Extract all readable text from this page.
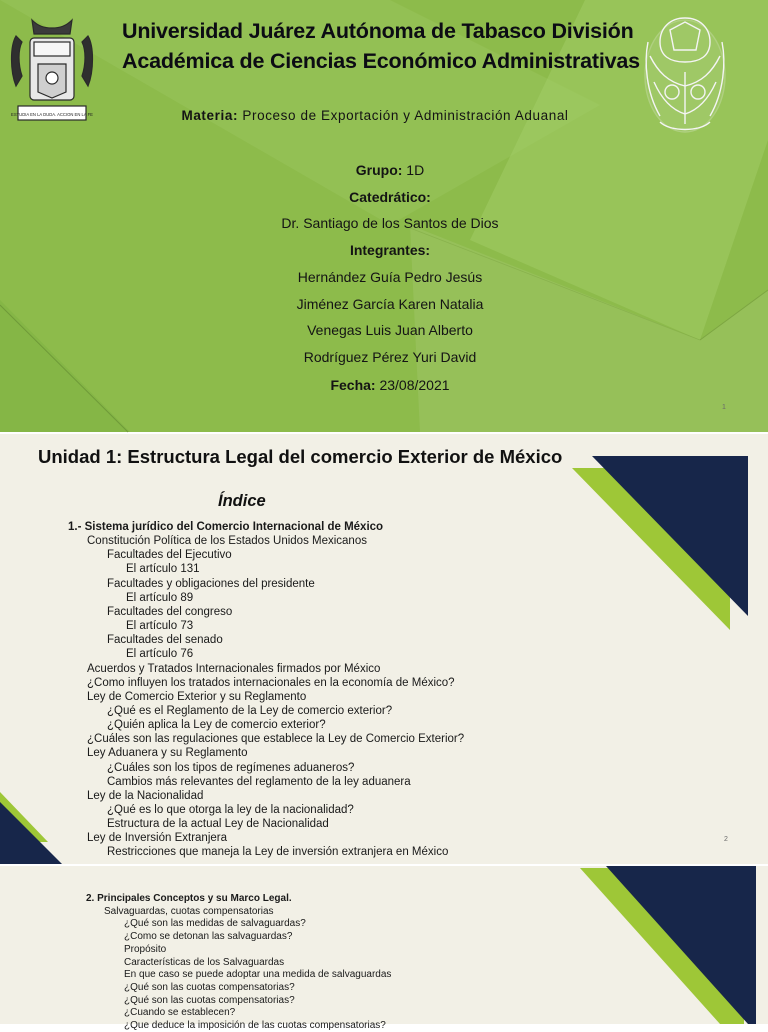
ESTUDIA EN LA DUDA. ACCION EN LA FE
Universidad Juárez Autónoma de Tabasco División Académica de Ciencias Económico Administrativas
Materia: Proceso de Exportación y Administración Aduanal
Grupo: 1D
Catedrático:
Dr. Santiago de los Santos de Dios
Integrantes:
Hernández Guía Pedro Jesús
Jiménez García Karen Natalia
Venegas Luis Juan Alberto
Rodríguez Pérez Yuri David
Fecha: 23/08/2021
1
Unidad 1: Estructura Legal del comercio Exterior de México
Índice
1.- Sistema jurídico del Comercio Internacional de México
Constitución Política de los Estados Unidos Mexicanos
Facultades del Ejecutivo
El artículo 131
Facultades y obligaciones del presidente
El artículo 89
Facultades del congreso
El artículo 73
Facultades del senado
El artículo 76
Acuerdos y Tratados Internacionales firmados por México
¿Como influyen los tratados internacionales en la economía de México?
Ley de Comercio Exterior y su Reglamento
¿Qué es el Reglamento de la Ley de comercio exterior?
¿Quién aplica la Ley de comercio exterior?
¿Cuáles son las regulaciones que establece la Ley de Comercio Exterior?
Ley Aduanera y su Reglamento
¿Cuáles son los tipos de regímenes aduaneros?
Cambios más relevantes del reglamento de la ley aduanera
Ley de la Nacionalidad
¿Qué es lo que otorga la ley de la nacionalidad?
Estructura de la actual Ley de Nacionalidad
Ley de Inversión Extranjera
Restricciones que maneja la Ley de inversión extranjera en México
2
2. Principales Conceptos y su Marco Legal.
Salvaguardas, cuotas compensatorias
¿Qué son las medidas de salvaguardas?
¿Como se detonan las salvaguardas?
Propósito
Características de los Salvaguardas
En que caso se puede adoptar una medida de salvaguardas
¿Qué son las cuotas compensatorias?
¿Qué son las cuotas compensatorias?
¿Cuando se establecen?
¿Que deduce la imposición de las cuotas compensatorias?
